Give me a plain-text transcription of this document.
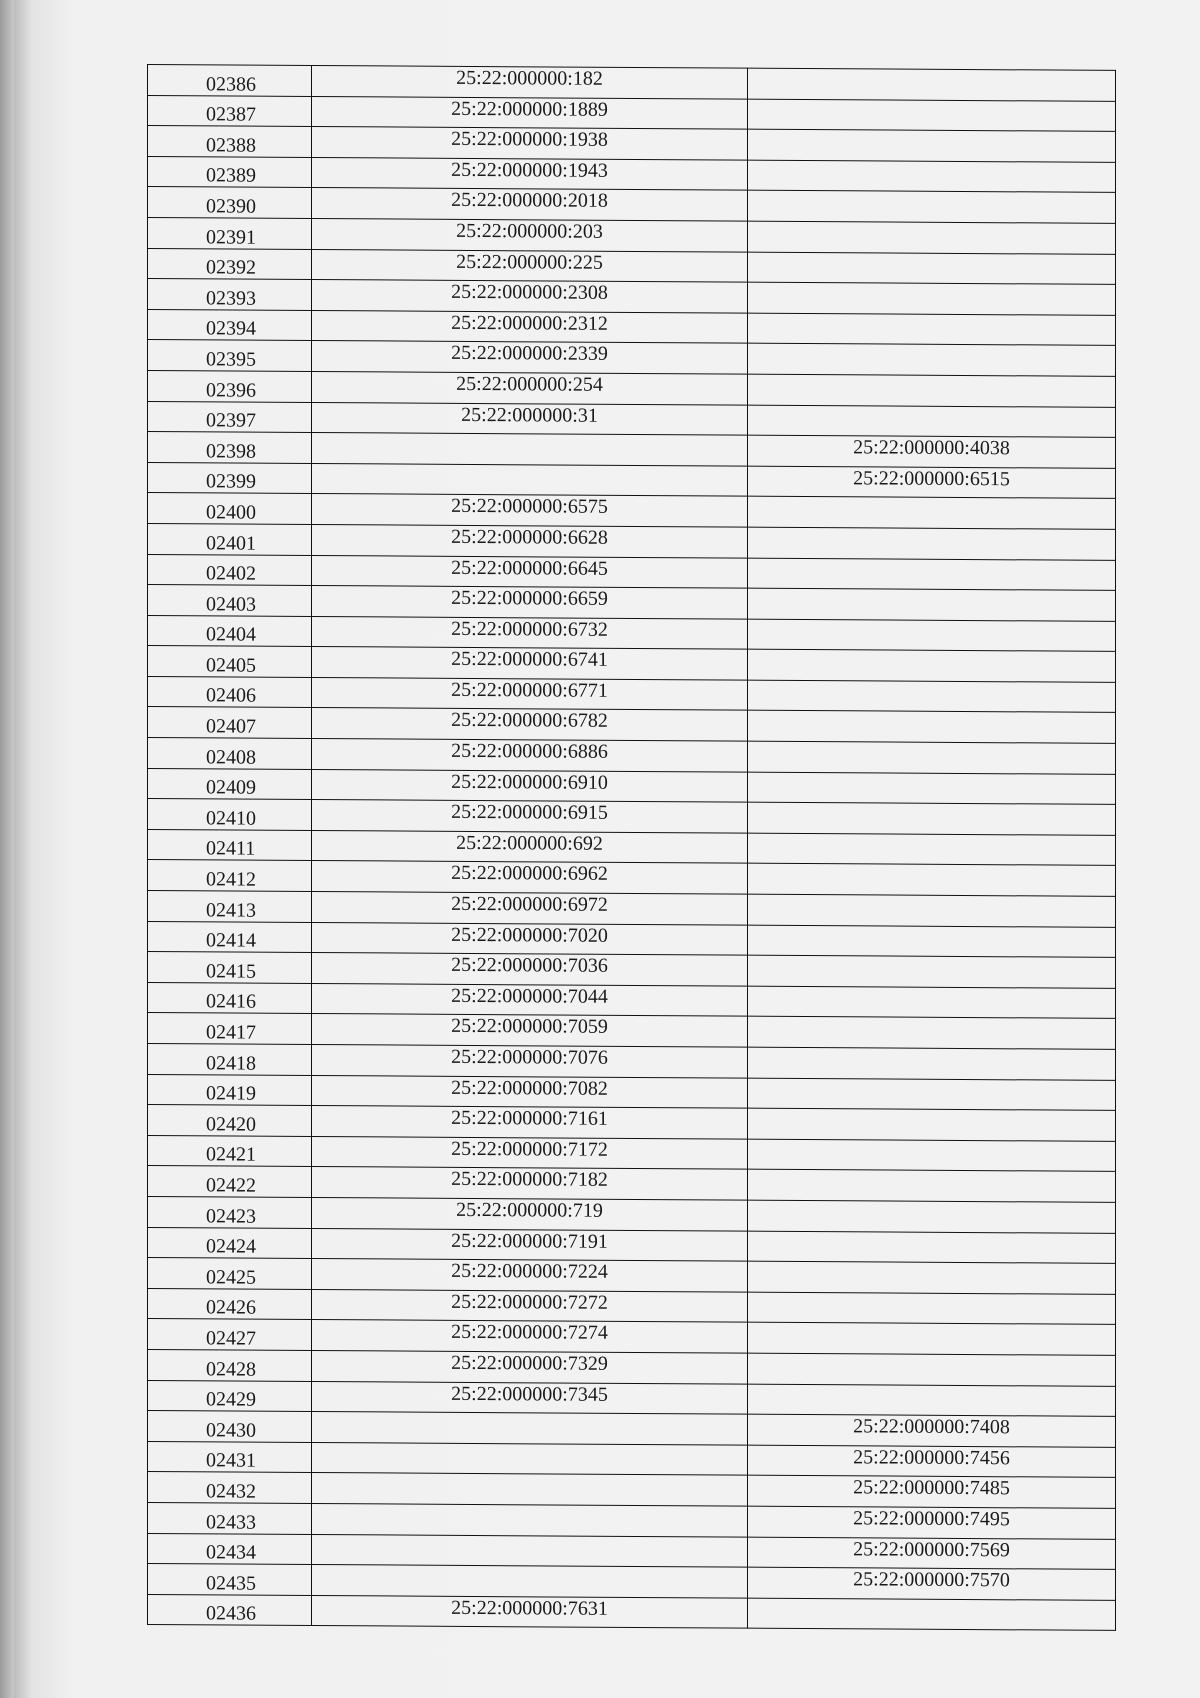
02386	25:22:000000:182	
02387	25:22:000000:1889	
02388	25:22:000000:1938	
02389	25:22:000000:1943	
02390	25:22:000000:2018	
02391	25:22:000000:203	
02392	25:22:000000:225	
02393	25:22:000000:2308	
02394	25:22:000000:2312	
02395	25:22:000000:2339	
02396	25:22:000000:254	
02397	25:22:000000:31	
02398		25:22:000000:4038
02399		25:22:000000:6515
02400	25:22:000000:6575	
02401	25:22:000000:6628	
02402	25:22:000000:6645	
02403	25:22:000000:6659	
02404	25:22:000000:6732	
02405	25:22:000000:6741	
02406	25:22:000000:6771	
02407	25:22:000000:6782	
02408	25:22:000000:6886	
02409	25:22:000000:6910	
02410	25:22:000000:6915	
02411	25:22:000000:692	
02412	25:22:000000:6962	
02413	25:22:000000:6972	
02414	25:22:000000:7020	
02415	25:22:000000:7036	
02416	25:22:000000:7044	
02417	25:22:000000:7059	
02418	25:22:000000:7076	
02419	25:22:000000:7082	
02420	25:22:000000:7161	
02421	25:22:000000:7172	
02422	25:22:000000:7182	
02423	25:22:000000:719	
02424	25:22:000000:7191	
02425	25:22:000000:7224	
02426	25:22:000000:7272	
02427	25:22:000000:7274	
02428	25:22:000000:7329	
02429	25:22:000000:7345	
02430		25:22:000000:7408
02431		25:22:000000:7456
02432		25:22:000000:7485
02433		25:22:000000:7495
02434		25:22:000000:7569
02435		25:22:000000:7570
02436	25:22:000000:7631	
